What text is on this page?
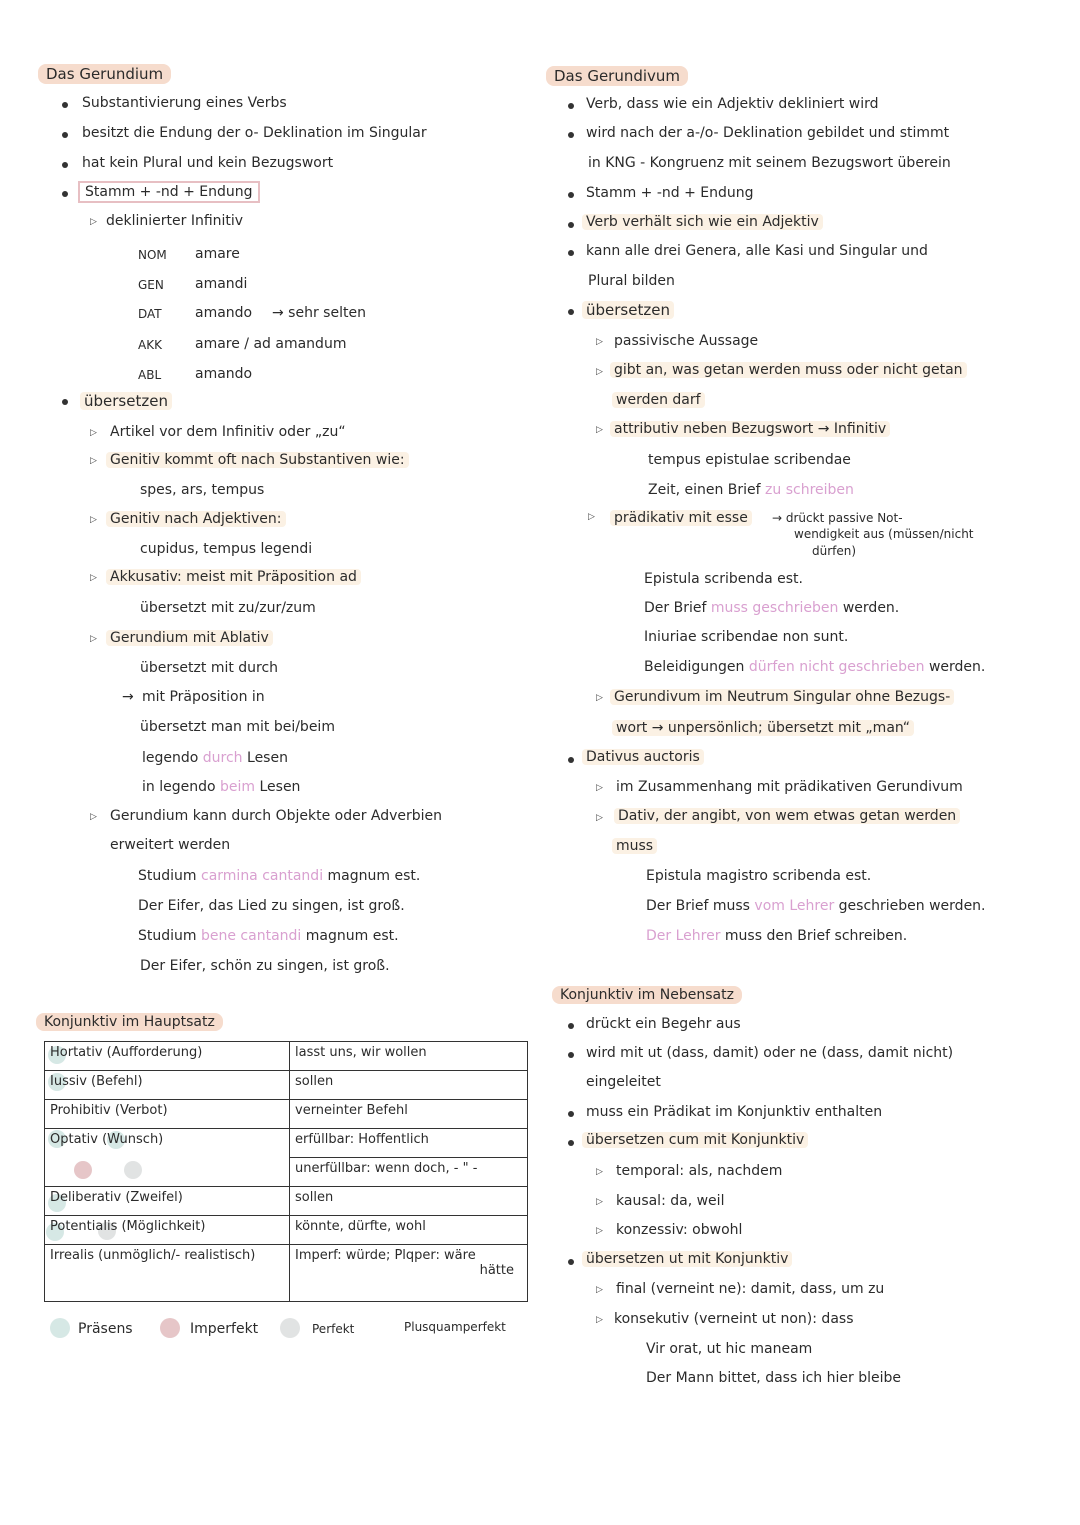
Das Gerundium
Substantivierung eines Verbs
besitzt die Endung der o- Deklination im Singular
hat kein Plural und kein Bezugswort
Stamm + -nd + Endung
▷ deklinierter Infinitiv
NOM amare
GEN amandi
DAT amando → sehr selten
AKK amare / ad amandum
ABL amando
übersetzen
▷ Artikel vor dem Infinitiv oder „zu“
▷ Genitiv kommt oft nach Substantiven wie:
spes, ars, tempus
▷ Genitiv nach Adjektiven:
cupidus, tempus legendi
▷ Akkusativ: meist mit Präposition ad
übersetzt mit zu/zur/zum
▷ Gerundium mit Ablativ
übersetzt mit durch
→ mit Präposition in
übersetzt man mit bei/beim
legendo durch Lesen
in legendo beim Lesen
▷ Gerundium kann durch Objekte oder Adverbien
erweitert werden
Studium carmina cantandi magnum est.
Der Eifer, das Lied zu singen, ist groß.
Studium bene cantandi magnum est.
Der Eifer, schön zu singen, ist groß.
Konjunktiv im Hauptsatz
Hortativ (Aufforderung)	lasst uns, wir wollen
Iussiv (Befehl)	sollen
Prohibitiv (Verbot)	verneinter Befehl
Optativ (Wunsch)	erfüllbar: Hoffentlich
unerfüllbar: wenn doch, - " -

Deliberativ (Zweifel)	sollen
Potentialis (Möglichkeit)	könnte, dürfte, wohl
Irrealis (unmöglich/- realistisch)	Imperf: würde; Plqper: wäre
hätte
Präsens	Imperfekt	Perfekt	Plusquamperfekt
Das Gerundivum
Verb, dass wie ein Adjektiv dekliniert wird
wird nach der a-/o- Deklination gebildet und stimmt
in KNG - Kongruenz mit seinem Bezugswort überein
Stamm + -nd + Endung
Verb verhält sich wie ein Adjektiv
kann alle drei Genera, alle Kasi und Singular und
Plural bilden
übersetzen
▷ passivische Aussage
▷ gibt an, was getan werden muss oder nicht getan
werden darf
▷ attributiv neben Bezugswort → Infinitiv
tempus epistulae scribendae
Zeit, einen Brief zu schreiben
▷ prädikativ mit esse	→ drückt passive Not-
wendigkeit aus (müssen/nicht
dürfen)
Epistula scribenda est.
Der Brief muss geschrieben werden.
Iniuriae scribendae non sunt.
Beleidigungen dürfen nicht geschrieben werden.
▷ Gerundivum im Neutrum Singular ohne Bezugs-
wort → unpersönlich; übersetzt mit „man“
Dativus auctoris
▷ im Zusammenhang mit prädikativen Gerundivum
▷ Dativ, der angibt, von wem etwas getan werden
muss
Epistula magistro scribenda est.
Der Brief muss vom Lehrer geschrieben werden.
Der Lehrer muss den Brief schreiben.
Konjunktiv im Nebensatz
drückt ein Begehr aus
wird mit ut (dass, damit) oder ne (dass, damit nicht)
eingeleitet
muss ein Prädikat im Konjunktiv enthalten
übersetzen cum mit Konjunktiv
▷ temporal: als, nachdem
▷ kausal: da, weil
▷ konzessiv: obwohl
übersetzen ut mit Konjunktiv
▷ final (verneint ne): damit, dass, um zu
▷ konsekutiv (verneint ut non): dass
Vir orat, ut hic maneam
Der Mann bittet, dass ich hier bleibe
